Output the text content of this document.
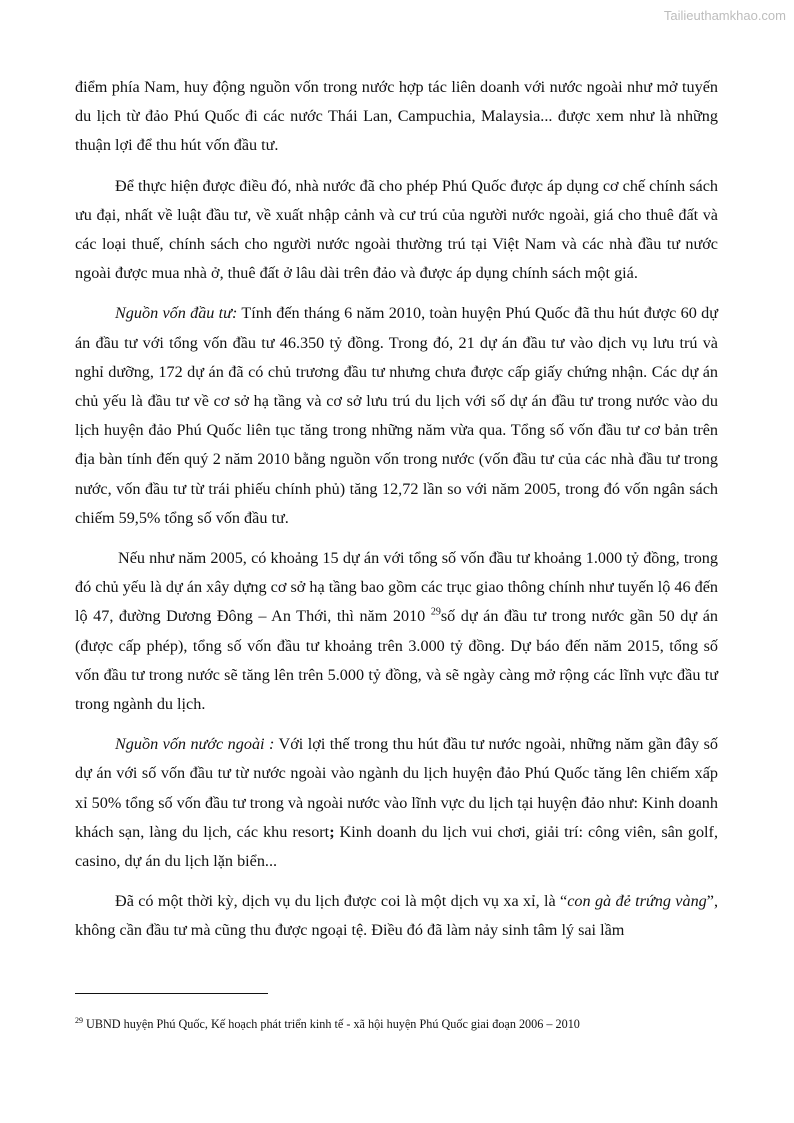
Tailieuthamkhao.com

điểm phía Nam, huy động nguồn vốn trong nước hợp tác liên doanh với nước ngoài như mở tuyến du lịch từ đảo Phú Quốc đi các nước Thái Lan, Campuchia, Malaysia... được xem như là những thuận lợi để thu hút vốn đầu tư.

Để thực hiện được điều đó, nhà nước đã cho phép Phú Quốc được áp dụng cơ chế chính sách ưu đại, nhất về luật đầu tư, về xuất nhập cảnh và cư trú của người nước ngoài, giá cho thuê đất và các loại thuế, chính sách cho người nước ngoài thường trú tại Việt Nam và các nhà đầu tư nước ngoài được mua nhà ở, thuê đất ở lâu dài trên đảo và được áp dụng chính sách một giá.

Nguồn vốn đầu tư: Tính đến tháng 6 năm 2010, toàn huyện Phú Quốc đã thu hút được 60 dự án đầu tư với tổng vốn đầu tư 46.350 tỷ đồng. Trong đó, 21 dự án đầu tư vào dịch vụ lưu trú và nghỉ dưỡng, 172 dự án đã có chủ trương đầu tư nhưng chưa được cấp giấy chứng nhận. Các dự án chủ yếu là đầu tư về cơ sở hạ tầng và cơ sở lưu trú du lịch với số dự án đầu tư trong nước vào du lịch huyện đảo Phú Quốc liên tục tăng trong những năm vừa qua. Tổng số vốn đầu tư cơ bản trên địa bàn tính đến quý 2 năm 2010 bằng nguồn vốn trong nước (vốn đầu tư của các nhà đầu tư trong nước, vốn đầu tư từ trái phiếu chính phủ) tăng 12,72 lần so với năm 2005, trong đó vốn ngân sách chiếm 59,5% tổng số vốn đầu tư.

Nếu như năm 2005, có khoảng 15 dự án với tổng số vốn đầu tư khoảng 1.000 tỷ đồng, trong đó chủ yếu là dự án xây dựng cơ sở hạ tầng bao gồm các trục giao thông chính như tuyến lộ 46 đến lộ 47, đường Dương Đông – An Thới, thì năm 2010 $^{29}$số dự án đầu tư trong nước gần 50 dự án (được cấp phép), tổng số vốn đầu tư khoảng trên 3.000 tỷ đồng. Dự báo đến năm 2015, tổng số vốn đầu tư trong nước sẽ tăng lên trên 5.000 tỷ đồng, và sẽ ngày càng mở rộng các lĩnh vực đầu tư trong ngành du lịch.

Nguồn vốn nước ngoài : Với lợi thế trong thu hút đầu tư nước ngoài, những năm gần đây số dự án với số vốn đầu tư từ nước ngoài vào ngành du lịch huyện đảo Phú Quốc tăng lên chiếm xấp xỉ 50% tổng số vốn đầu tư trong và ngoài nước vào lĩnh vực du lịch tại huyện đảo như: Kinh doanh khách sạn, làng du lịch, các khu resort; Kinh doanh du lịch vui chơi, giải trí: công viên, sân golf, casino, dự án du lịch lặn biển...

Đã có một thời kỳ, dịch vụ du lịch được coi là một dịch vụ xa xỉ, là “con gà đẻ trứng vàng”, không cần đầu tư mà cũng thu được ngoại tệ. Điều đó đã làm nảy sinh tâm lý sai lầm

$^{29}$ UBND huyện Phú Quốc, Kế hoạch phát triển kinh tế - xã hội huyện Phú Quốc giai đoạn 2006 – 2010
